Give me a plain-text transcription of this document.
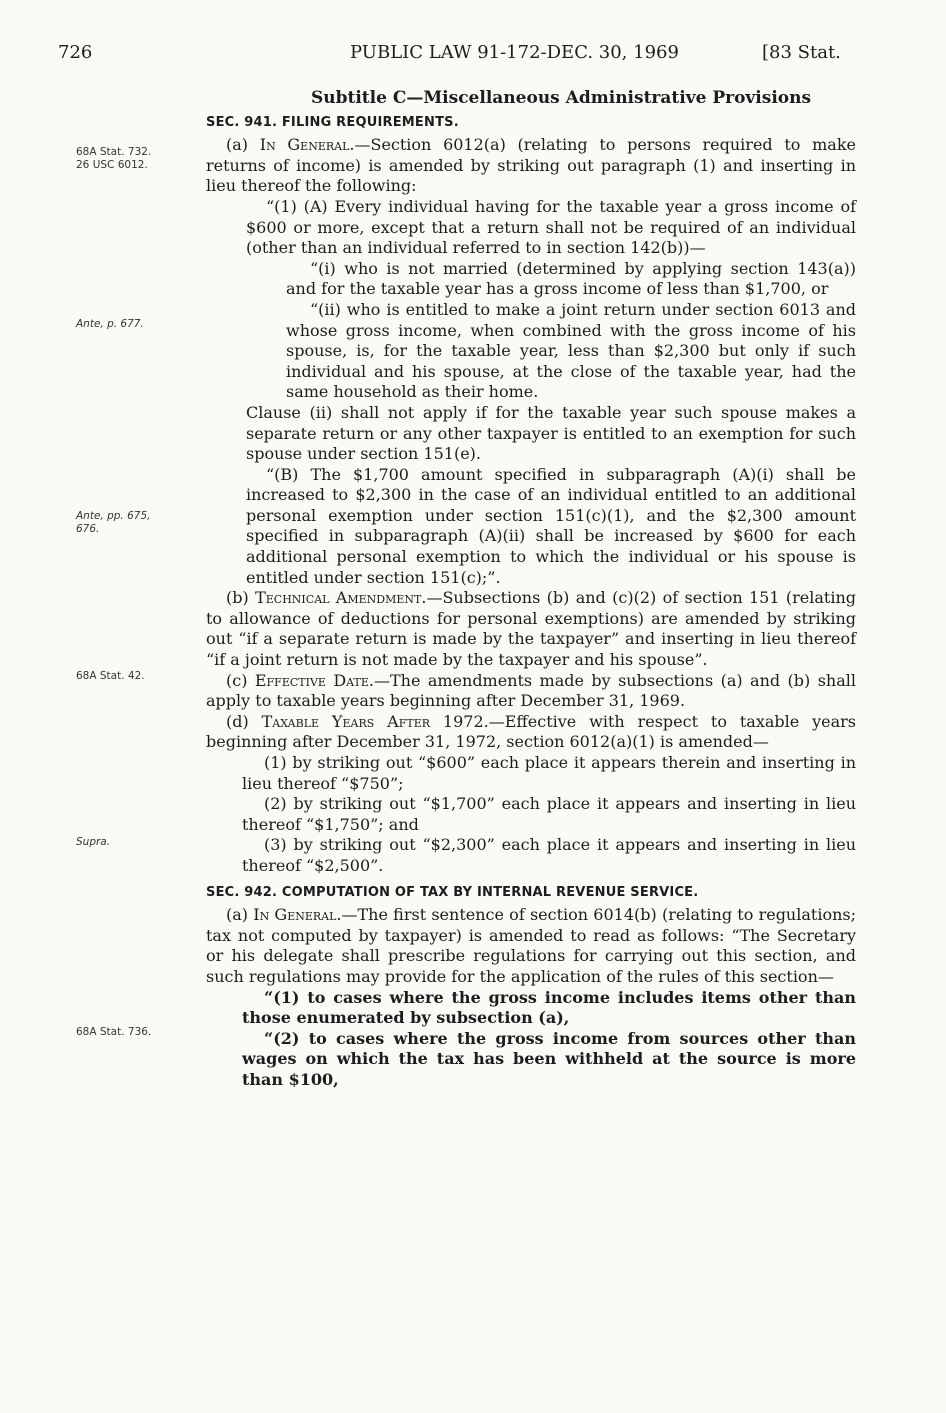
726	PUBLIC LAW 91-172-DEC. 30, 1969	[83 Stat.
68A Stat. 732.
26 USC 6012.
Ante, p. 677.
Ante, pp. 675,
676.
68A Stat. 42.
Supra.
68A Stat. 736.
Subtitle C—Miscellaneous Administrative Provisions
SEC. 941. FILING REQUIREMENTS.

(a) In General.—Section 6012(a) (relating to persons required to make returns of income) is amended by striking out paragraph (1) and inserting in lieu thereof the following:

“(1) (A) Every individual having for the taxable year a gross income of $600 or more, except that a return shall not be required of an individual (other than an individual referred to in section 142(b))—

“(i) who is not married (determined by applying section 143(a)) and for the taxable year has a gross income of less than $1,700, or

“(ii) who is entitled to make a joint return under section 6013 and whose gross income, when combined with the gross income of his spouse, is, for the taxable year, less than $2,300 but only if such individual and his spouse, at the close of the taxable year, had the same household as their home.

Clause (ii) shall not apply if for the taxable year such spouse makes a separate return or any other taxpayer is entitled to an exemption for such spouse under section 151(e).

“(B) The $1,700 amount specified in subparagraph (A)(i) shall be increased to $2,300 in the case of an individual entitled to an additional personal exemption under section 151(c)(1), and the $2,300 amount specified in subparagraph (A)(ii) shall be increased by $600 for each additional personal exemption to which the individual or his spouse is entitled under section 151(c);”.

(b) Technical Amendment.—Subsections (b) and (c)(2) of section 151 (relating to allowance of deductions for personal exemptions) are amended by striking out “if a separate return is made by the taxpayer” and inserting in lieu thereof “if a joint return is not made by the taxpayer and his spouse”.

(c) Effective Date.—The amendments made by subsections (a) and (b) shall apply to taxable years beginning after December 31, 1969.

(d) Taxable Years After 1972.—Effective with respect to taxable years beginning after December 31, 1972, section 6012(a)(1) is amended—

(1) by striking out “$600” each place it appears therein and inserting in lieu thereof “$750”;

(2) by striking out “$1,700” each place it appears and inserting in lieu thereof “$1,750”; and

(3) by striking out “$2,300” each place it appears and inserting in lieu thereof “$2,500”.

SEC. 942. COMPUTATION OF TAX BY INTERNAL REVENUE SERVICE.

(a) In General.—The first sentence of section 6014(b) (relating to regulations; tax not computed by taxpayer) is amended to read as follows: “The Secretary or his delegate shall prescribe regulations for carrying out this section, and such regulations may provide for the application of the rules of this section—

“(1) to cases where the gross income includes items other than those enumerated by subsection (a),

“(2) to cases where the gross income from sources other than wages on which the tax has been withheld at the source is more than $100,
